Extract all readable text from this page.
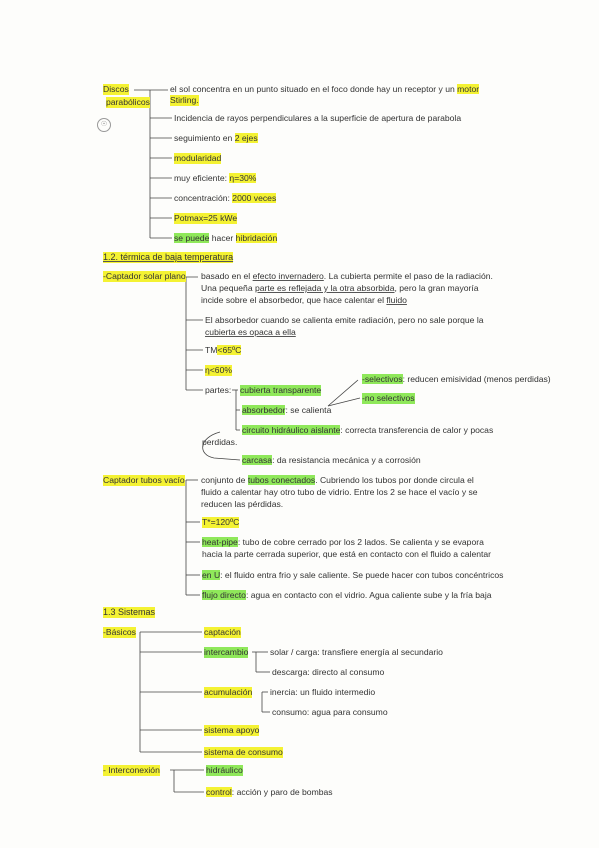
Discos
parabólicos
☉
el sol concentra en un punto situado en el foco donde hay un receptor y un motor
Stirling.
Incidencia de rayos perpendiculares a la superficie de apertura de parabola
seguimiento en 2 ejes
modularidad
muy eficiente: η=30%
concentración: 2000 veces
Potmax=25 kWe
se puede hacer hibridación
1.2. térmica de baja temperatura
-Captador solar plano basado en el efecto invernadero. La cubierta permite el paso de la radiación.
Una pequeña parte es reflejada y la otra absorbida, pero la gran mayoría
incide sobre el absorbedor, que hace calentar el fluido
El absorbedor cuando se calienta emite radiación, pero no sale porque la
cubierta es opaca a ella
TM<65ºC
η<60%
partes: cubierta transparente
-selectivos: reducen emisividad (menos perdidas)
-no selectivos
absorbedor: se calienta
circuito hidráulico aislante: correcta transferencia de calor y pocas
perdidas.
carcasa: da resistancia mecánica y a corrosión
Captador tubos vacío conjunto de tubos conectados. Cubriendo los tubos por donde circula el
fluido a calentar hay otro tubo de vidrio. Entre los 2 se hace el vacío y se
reducen las pérdidas.
T*=120ºC
heat-pipe: tubo de cobre cerrado por los 2 lados. Se calienta y se evapora
hacia la parte cerrada superior, que está en contacto con el fluido a calentar
en U: el fluido entra frio y sale caliente. Se puede hacer con tubos concéntricos
flujo directo: agua en contacto con el vidrio. Agua caliente sube y la fría baja
1.3 Sistemas
-Básicos	captación
intercambio	solar / carga: transfiere energía al secundario
descarga: directo al consumo
acumulación inercia: un fluido intermedio
consumo: agua para consumo
sistema apoyo
sistema de consumo
- Interconexión	hidráulico
control: acción y paro de bombas
